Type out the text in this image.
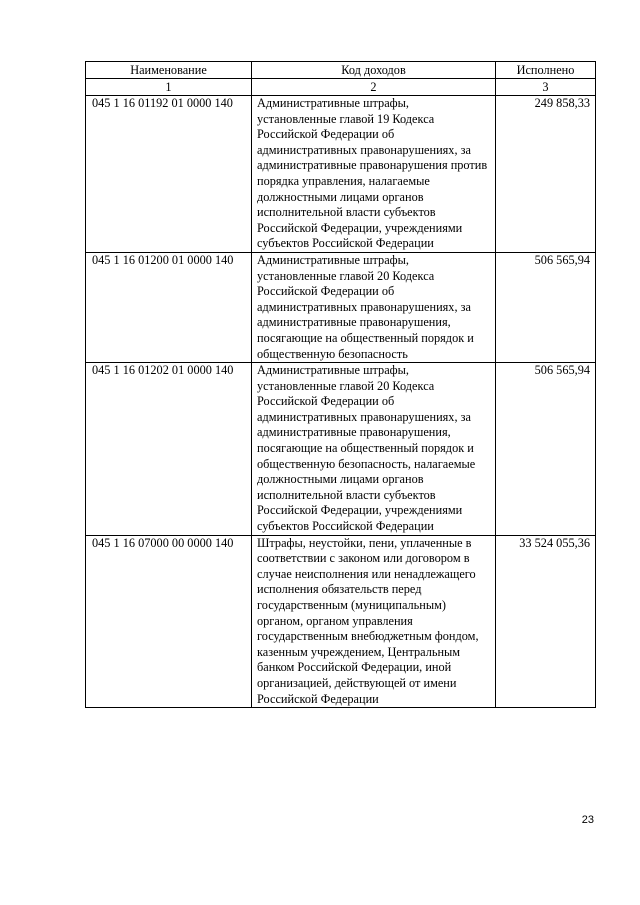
Наименование	Код доходов	Исполнено
1	2	3
045 1 16 01192 01 0000 140	Административные штрафы, установленные главой 19 Кодекса Российской Федерации об административных правонарушениях, за административные правонарушения против порядка управления, налагаемые должностными лицами органов исполнительной власти субъектов Российской Федерации, учреждениями субъектов Российской Федерации	249 858,33
045 1 16 01200 01 0000 140	Административные штрафы, установленные главой 20 Кодекса Российской Федерации об административных правонарушениях, за административные правонарушения, посягающие на общественный порядок и общественную безопасность	506 565,94
045 1 16 01202 01 0000 140	Административные штрафы, установленные главой 20 Кодекса Российской Федерации об административных правонарушениях, за административные правонарушения, посягающие на общественный порядок и общественную безопасность, налагаемые должностными лицами органов исполнительной власти субъектов Российской Федерации, учреждениями субъектов Российской Федерации	506 565,94
045 1 16 07000 00 0000 140	Штрафы, неустойки, пени, уплаченные в соответствии с законом или договором в случае неисполнения или ненадлежащего исполнения обязательств перед государственным (муниципальным) органом, органом управления государственным внебюджетным фондом, казенным учреждением, Центральным банком Российской Федерации, иной организацией, действующей от имени Российской Федерации	33 524 055,36
23
